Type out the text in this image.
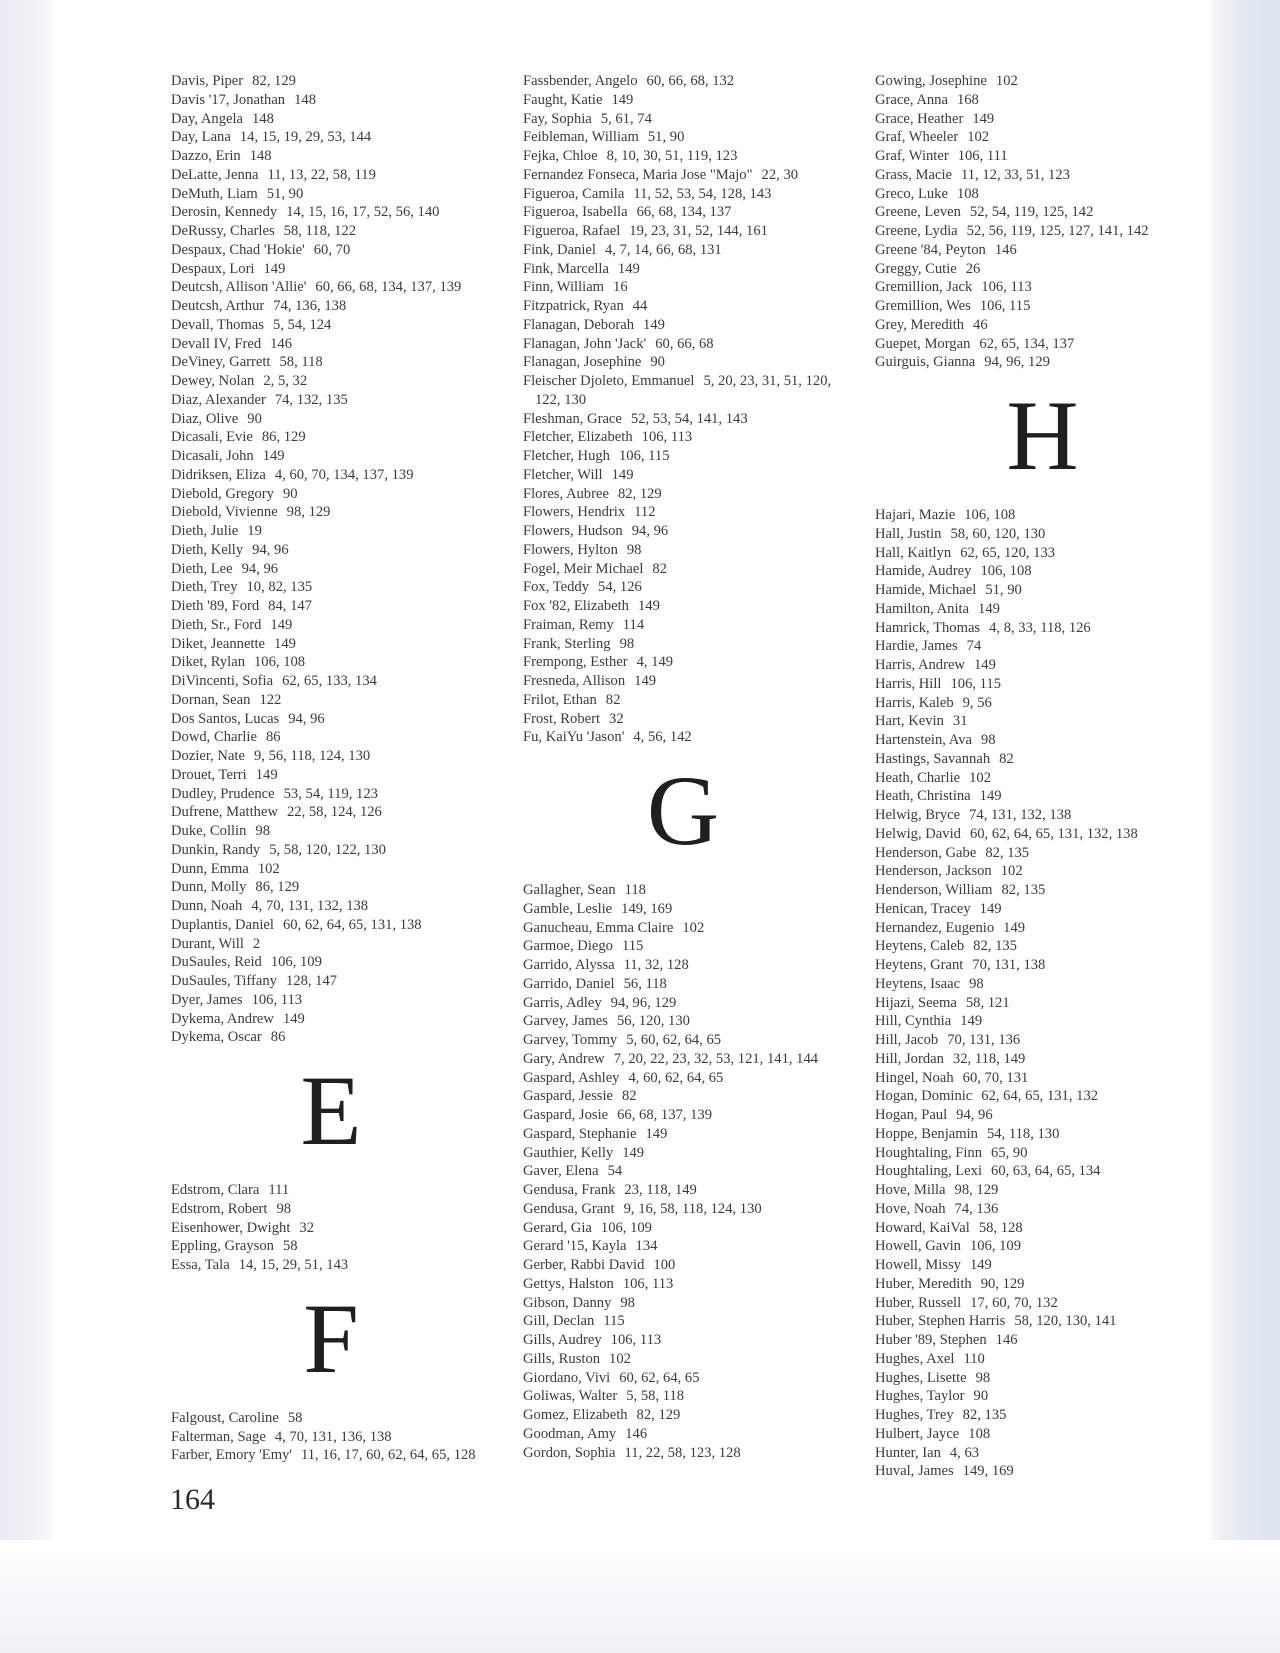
Davis, Piper 82, 129
Davis '17, Jonathan 148
Day, Angela 148
Day, Lana 14, 15, 19, 29, 53, 144
Dazzo, Erin 148
DeLatte, Jenna 11, 13, 22, 58, 119
DeMuth, Liam 51, 90
Derosin, Kennedy 14, 15, 16, 17, 52, 56, 140
DeRussy, Charles 58, 118, 122
Despaux, Chad 'Hokie' 60, 70
Despaux, Lori 149
Deutcsh, Allison 'Allie' 60, 66, 68, 134, 137, 139
Deutcsh, Arthur 74, 136, 138
Devall, Thomas 5, 54, 124
Devall IV, Fred 146
DeViney, Garrett 58, 118
Dewey, Nolan 2, 5, 32
Diaz, Alexander 74, 132, 135
Diaz, Olive 90
Dicasali, Evie 86, 129
Dicasali, John 149
Didriksen, Eliza 4, 60, 70, 134, 137, 139
Diebold, Gregory 90
Diebold, Vivienne 98, 129
Dieth, Julie 19
Dieth, Kelly 94, 96
Dieth, Lee 94, 96
Dieth, Trey 10, 82, 135
Dieth '89, Ford 84, 147
Dieth, Sr., Ford 149
Diket, Jeannette 149
Diket, Rylan 106, 108
DiVincenti, Sofia 62, 65, 133, 134
Dornan, Sean 122
Dos Santos, Lucas 94, 96
Dowd, Charlie 86
Dozier, Nate 9, 56, 118, 124, 130
Drouet, Terri 149
Dudley, Prudence 53, 54, 119, 123
Dufrene, Matthew 22, 58, 124, 126
Duke, Collin 98
Dunkin, Randy 5, 58, 120, 122, 130
Dunn, Emma 102
Dunn, Molly 86, 129
Dunn, Noah 4, 70, 131, 132, 138
Duplantis, Daniel 60, 62, 64, 65, 131, 138
Durant, Will 2
DuSaules, Reid 106, 109
DuSaules, Tiffany 128, 147
Dyer, James 106, 113
Dykema, Andrew 149
Dykema, Oscar 86
E
Edstrom, Clara 111
Edstrom, Robert 98
Eisenhower, Dwight 32
Eppling, Grayson 58
Essa, Tala 14, 15, 29, 51, 143
F
Falgoust, Caroline 58
Falterman, Sage 4, 70, 131, 136, 138
Farber, Emory 'Emy' 11, 16, 17, 60, 62, 64, 65, 128
Fassbender, Angelo 60, 66, 68, 132
Faught, Katie 149
Fay, Sophia 5, 61, 74
Feibleman, William 51, 90
Fejka, Chloe 8, 10, 30, 51, 119, 123
Fernandez Fonseca, Maria Jose "Majo" 22, 30
Figueroa, Camila 11, 52, 53, 54, 128, 143
Figueroa, Isabella 66, 68, 134, 137
Figueroa, Rafael 19, 23, 31, 52, 144, 161
Fink, Daniel 4, 7, 14, 66, 68, 131
Fink, Marcella 149
Finn, William 16
Fitzpatrick, Ryan 44
Flanagan, Deborah 149
Flanagan, John 'Jack' 60, 66, 68
Flanagan, Josephine 90
Fleischer Djoleto, Emmanuel 5, 20, 23, 31, 51, 120, 122, 130
Fleshman, Grace 52, 53, 54, 141, 143
Fletcher, Elizabeth 106, 113
Fletcher, Hugh 106, 115
Fletcher, Will 149
Flores, Aubree 82, 129
Flowers, Hendrix 112
Flowers, Hudson 94, 96
Flowers, Hylton 98
Fogel, Meir Michael 82
Fox, Teddy 54, 126
Fox '82, Elizabeth 149
Fraiman, Remy 114
Frank, Sterling 98
Frempong, Esther 4, 149
Fresneda, Allison 149
Frilot, Ethan 82
Frost, Robert 32
Fu, KaiYu 'Jason' 4, 56, 142
G
Gallagher, Sean 118
Gamble, Leslie 149, 169
Ganucheau, Emma Claire 102
Garmoe, Diego 115
Garrido, Alyssa 11, 32, 128
Garrido, Daniel 56, 118
Garris, Adley 94, 96, 129
Garvey, James 56, 120, 130
Garvey, Tommy 5, 60, 62, 64, 65
Gary, Andrew 7, 20, 22, 23, 32, 53, 121, 141, 144
Gaspard, Ashley 4, 60, 62, 64, 65
Gaspard, Jessie 82
Gaspard, Josie 66, 68, 137, 139
Gaspard, Stephanie 149
Gauthier, Kelly 149
Gaver, Elena 54
Gendusa, Frank 23, 118, 149
Gendusa, Grant 9, 16, 58, 118, 124, 130
Gerard, Gia 106, 109
Gerard '15, Kayla 134
Gerber, Rabbi David 100
Gettys, Halston 106, 113
Gibson, Danny 98
Gill, Declan 115
Gills, Audrey 106, 113
Gills, Ruston 102
Giordano, Vivi 60, 62, 64, 65
Goliwas, Walter 5, 58, 118
Gomez, Elizabeth 82, 129
Goodman, Amy 146
Gordon, Sophia 11, 22, 58, 123, 128
Gowing, Josephine 102
Grace, Anna 168
Grace, Heather 149
Graf, Wheeler 102
Graf, Winter 106, 111
Grass, Macie 11, 12, 33, 51, 123
Greco, Luke 108
Greene, Leven 52, 54, 119, 125, 142
Greene, Lydia 52, 56, 119, 125, 127, 141, 142
Greene '84, Peyton 146
Greggy, Cutie 26
Gremillion, Jack 106, 113
Gremillion, Wes 106, 115
Grey, Meredith 46
Guepet, Morgan 62, 65, 134, 137
Guirguis, Gianna 94, 96, 129
H
Hajari, Mazie 106, 108
Hall, Justin 58, 60, 120, 130
Hall, Kaitlyn 62, 65, 120, 133
Hamide, Audrey 106, 108
Hamide, Michael 51, 90
Hamilton, Anita 149
Hamrick, Thomas 4, 8, 33, 118, 126
Hardie, James 74
Harris, Andrew 149
Harris, Hill 106, 115
Harris, Kaleb 9, 56
Hart, Kevin 31
Hartenstein, Ava 98
Hastings, Savannah 82
Heath, Charlie 102
Heath, Christina 149
Helwig, Bryce 74, 131, 132, 138
Helwig, David 60, 62, 64, 65, 131, 132, 138
Henderson, Gabe 82, 135
Henderson, Jackson 102
Henderson, William 82, 135
Henican, Tracey 149
Hernandez, Eugenio 149
Heytens, Caleb 82, 135
Heytens, Grant 70, 131, 138
Heytens, Isaac 98
Hijazi, Seema 58, 121
Hill, Cynthia 149
Hill, Jacob 70, 131, 136
Hill, Jordan 32, 118, 149
Hingel, Noah 60, 70, 131
Hogan, Dominic 62, 64, 65, 131, 132
Hogan, Paul 94, 96
Hoppe, Benjamin 54, 118, 130
Houghtaling, Finn 65, 90
Houghtaling, Lexi 60, 63, 64, 65, 134
Hove, Milla 98, 129
Hove, Noah 74, 136
Howard, KaiVal 58, 128
Howell, Gavin 106, 109
Howell, Missy 149
Huber, Meredith 90, 129
Huber, Russell 17, 60, 70, 132
Huber, Stephen Harris 58, 120, 130, 141
Huber '89, Stephen 146
Hughes, Axel 110
Hughes, Lisette 98
Hughes, Taylor 90
Hughes, Trey 82, 135
Hulbert, Jayce 108
Hunter, Ian 4, 63
Huval, James 149, 169
164
